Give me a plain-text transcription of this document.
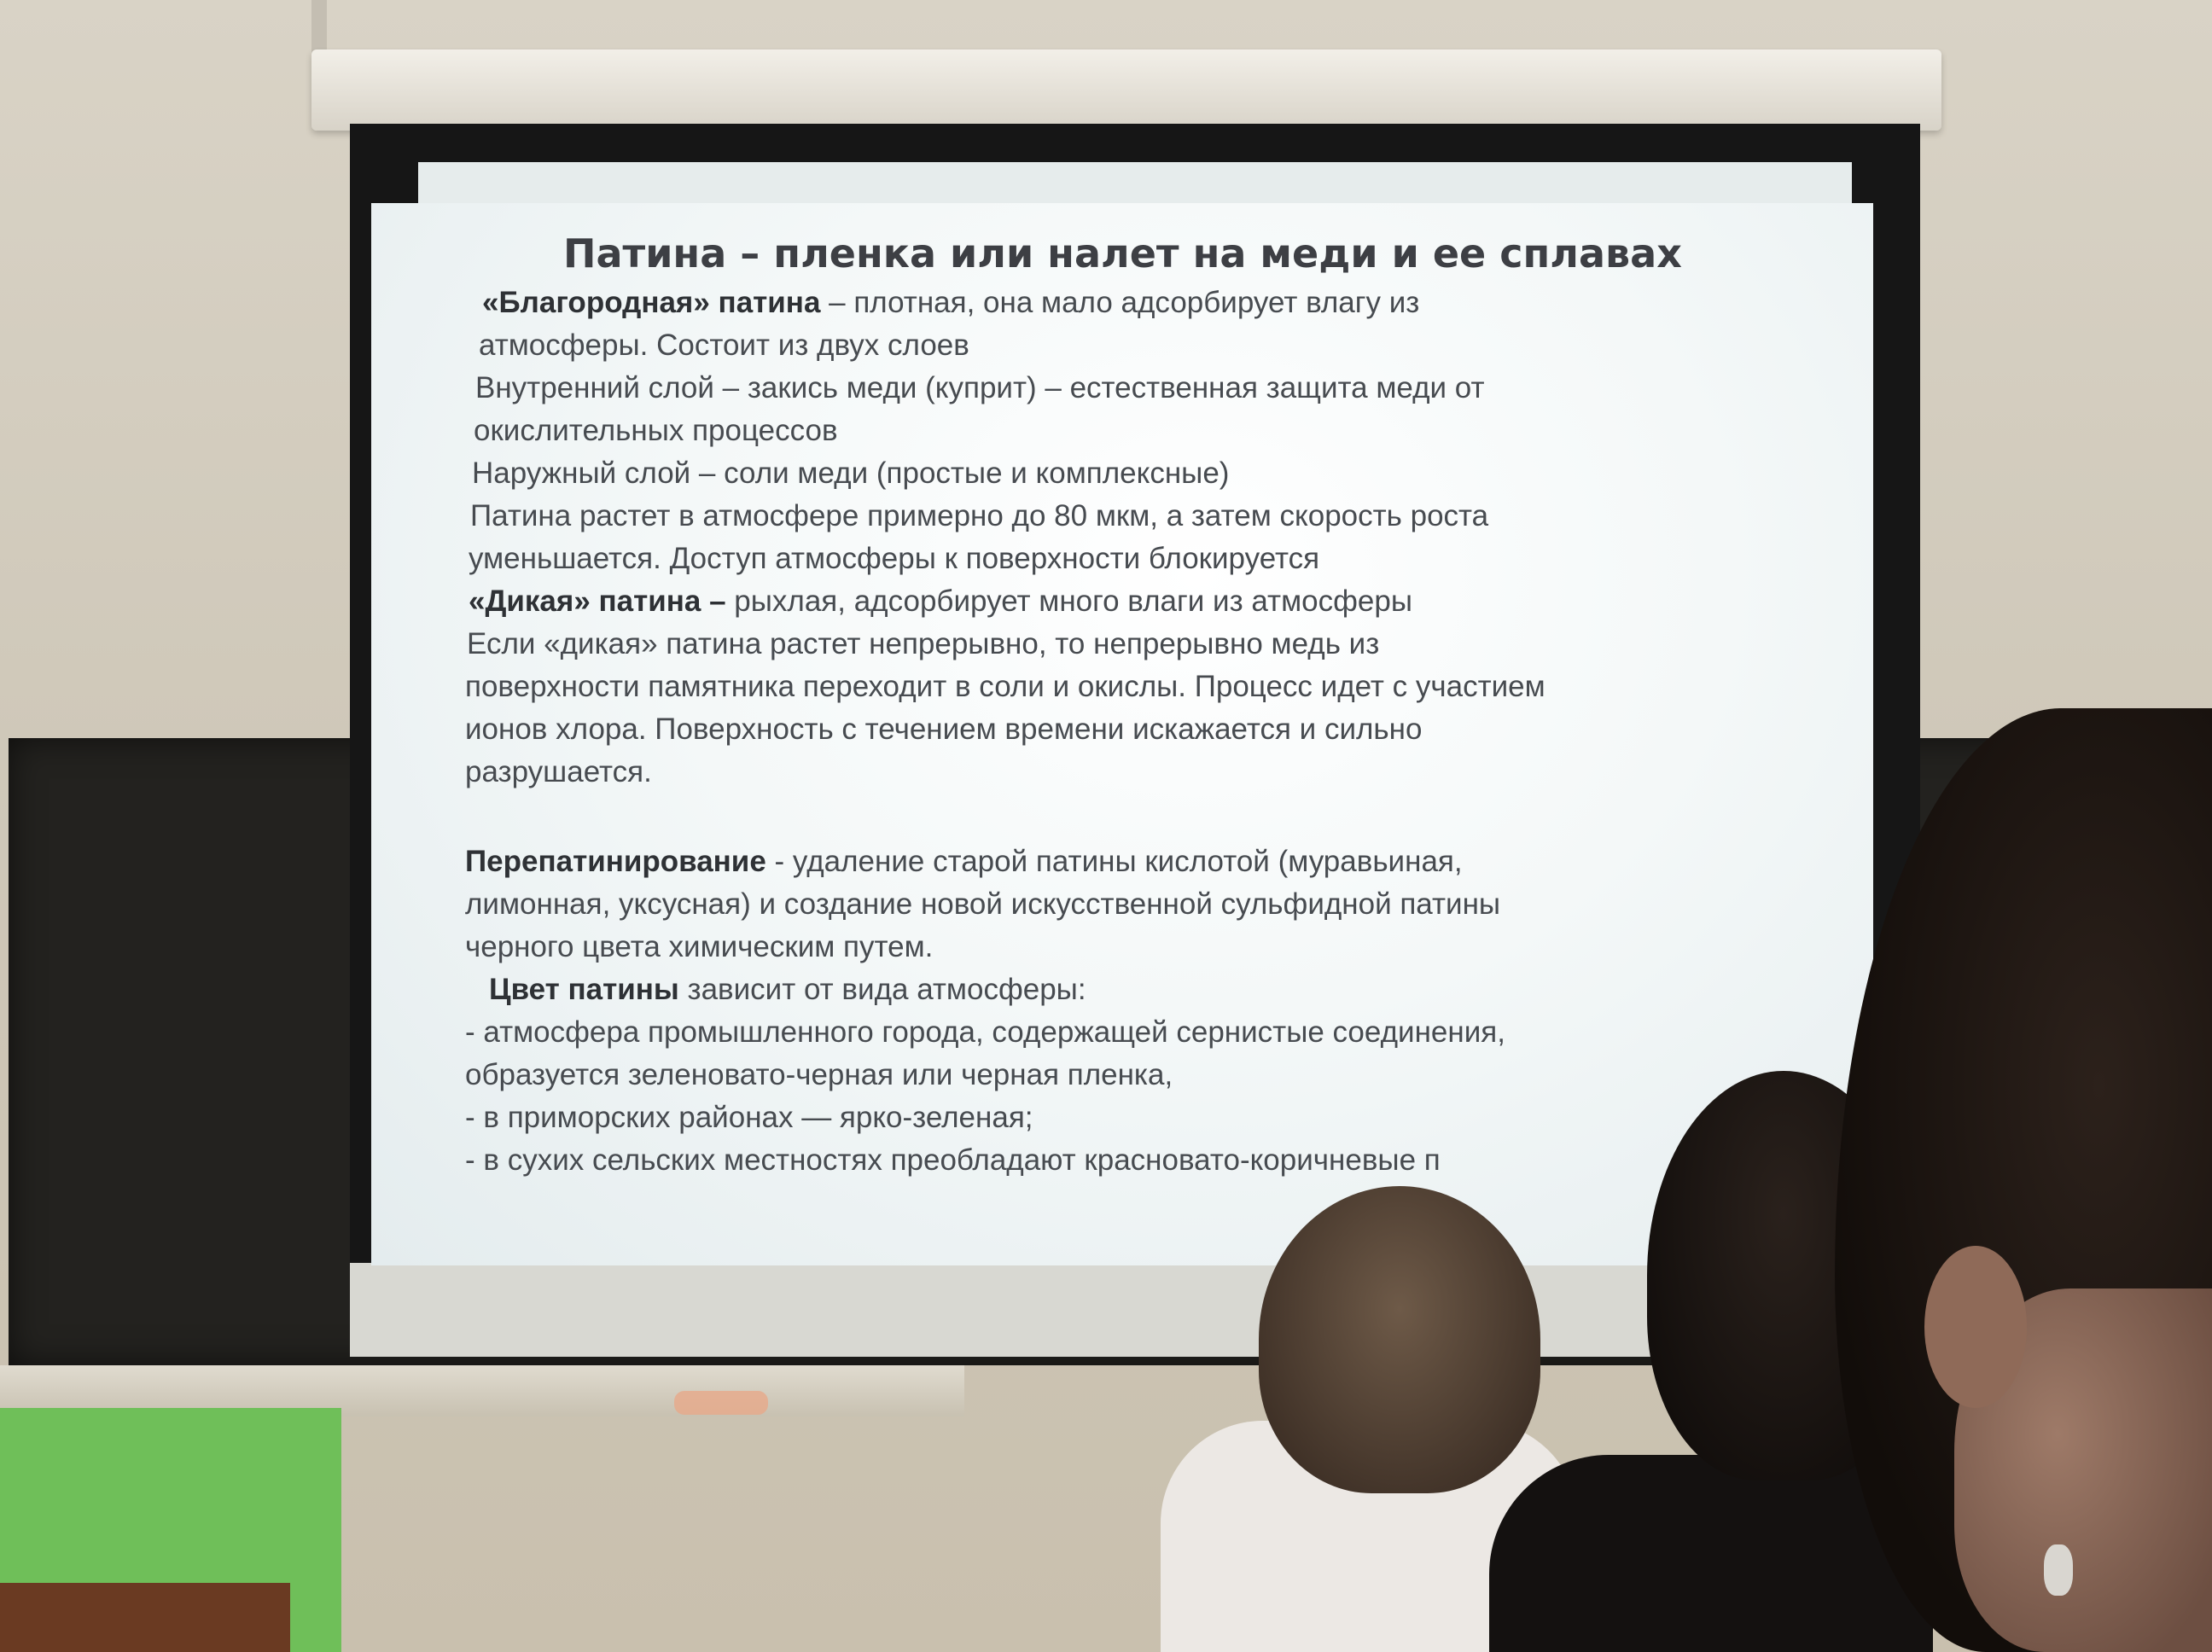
Патина – пленка или налет на меди и ее сплавах
«Благородная» патина – плотная, она мало адсорбирует влагу из
атмосферы. Состоит из двух слоев
Внутренний слой – закись меди (куприт) – естественная защита меди от
окислительных процессов
Наружный слой – соли меди (простые и комплексные)
Патина растет в атмосфере примерно до 80 мкм, а затем скорость роста
уменьшается. Доступ атмосферы к поверхности блокируется
«Дикая» патина – рыхлая, адсорбирует много влаги из атмосферы
Если «дикая» патина растет непрерывно, то непрерывно медь из
поверхности памятника переходит в соли и окислы. Процесс идет с участием
ионов хлора. Поверхность с течением времени искажается и сильно
разрушается.
Перепатинирование - удаление старой патины кислотой (муравьиная,
лимонная, уксусная) и создание новой искусственной сульфидной патины
черного цвета химическим путем.
Цвет патины зависит от вида атмосферы:
- атмосфера промышленного города, содержащей сернистые соединения,
образуется зеленовато-черная или черная пленка,
- в приморских районах — ярко-зеленая;
- в сухих сельских местностях преобладают красновато-коричневые п
